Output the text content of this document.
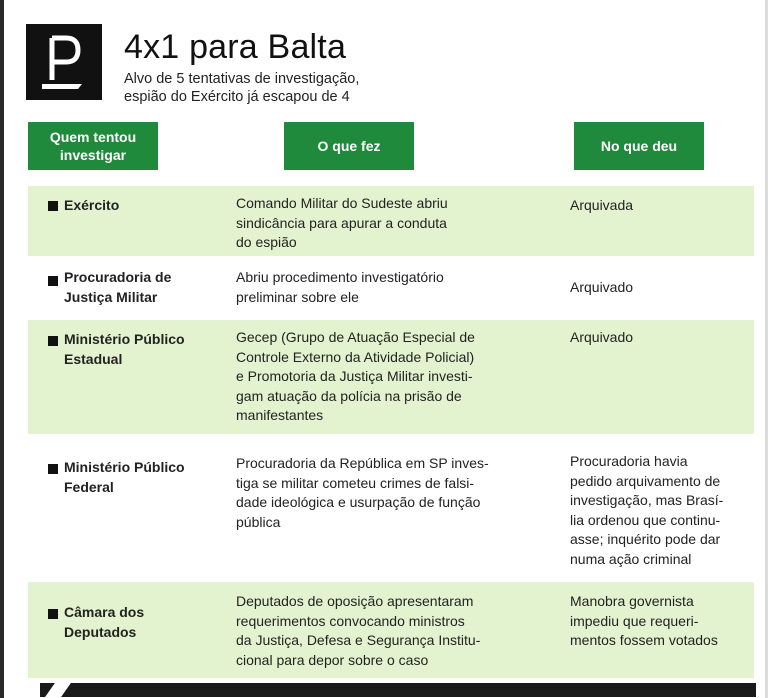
4x1 para Balta
Alvo de 5 tentativas de investigação,
espião do Exército já escapou de 4
Quem tentou
investigar
O que fez	No que deu
Exército	Comando Militar do Sudeste abriu
sindicância para apurar a conduta
do espião
Arquivada
Procuradoria de
Justiça Militar
Abriu procedimento investigatório
preliminar sobre ele
Arquivado
Ministério Público
Estadual
Gecep (Grupo de Atuação Especial de
Controle Externo da Atividade Policial)
e Promotoria da Justiça Militar investi-
gam atuação da polícia na prisão de
manifestantes
Arquivado
Ministério Público
Federal
Procuradoria da República em SP inves-
tiga se militar cometeu crimes de falsi-
dade ideológica e usurpação de função
pública
Procuradoria havia
pedido arquivamento de
investigação, mas Brasí-
lia ordenou que continu-
asse; inquérito pode dar
numa ação criminal
Câmara dos
Deputados
Deputados de oposição apresentaram
requerimentos convocando ministros
da Justiça, Defesa e Segurança Institu-
cional para depor sobre o caso
Manobra governista
impediu que requeri-
mentos fossem votados
